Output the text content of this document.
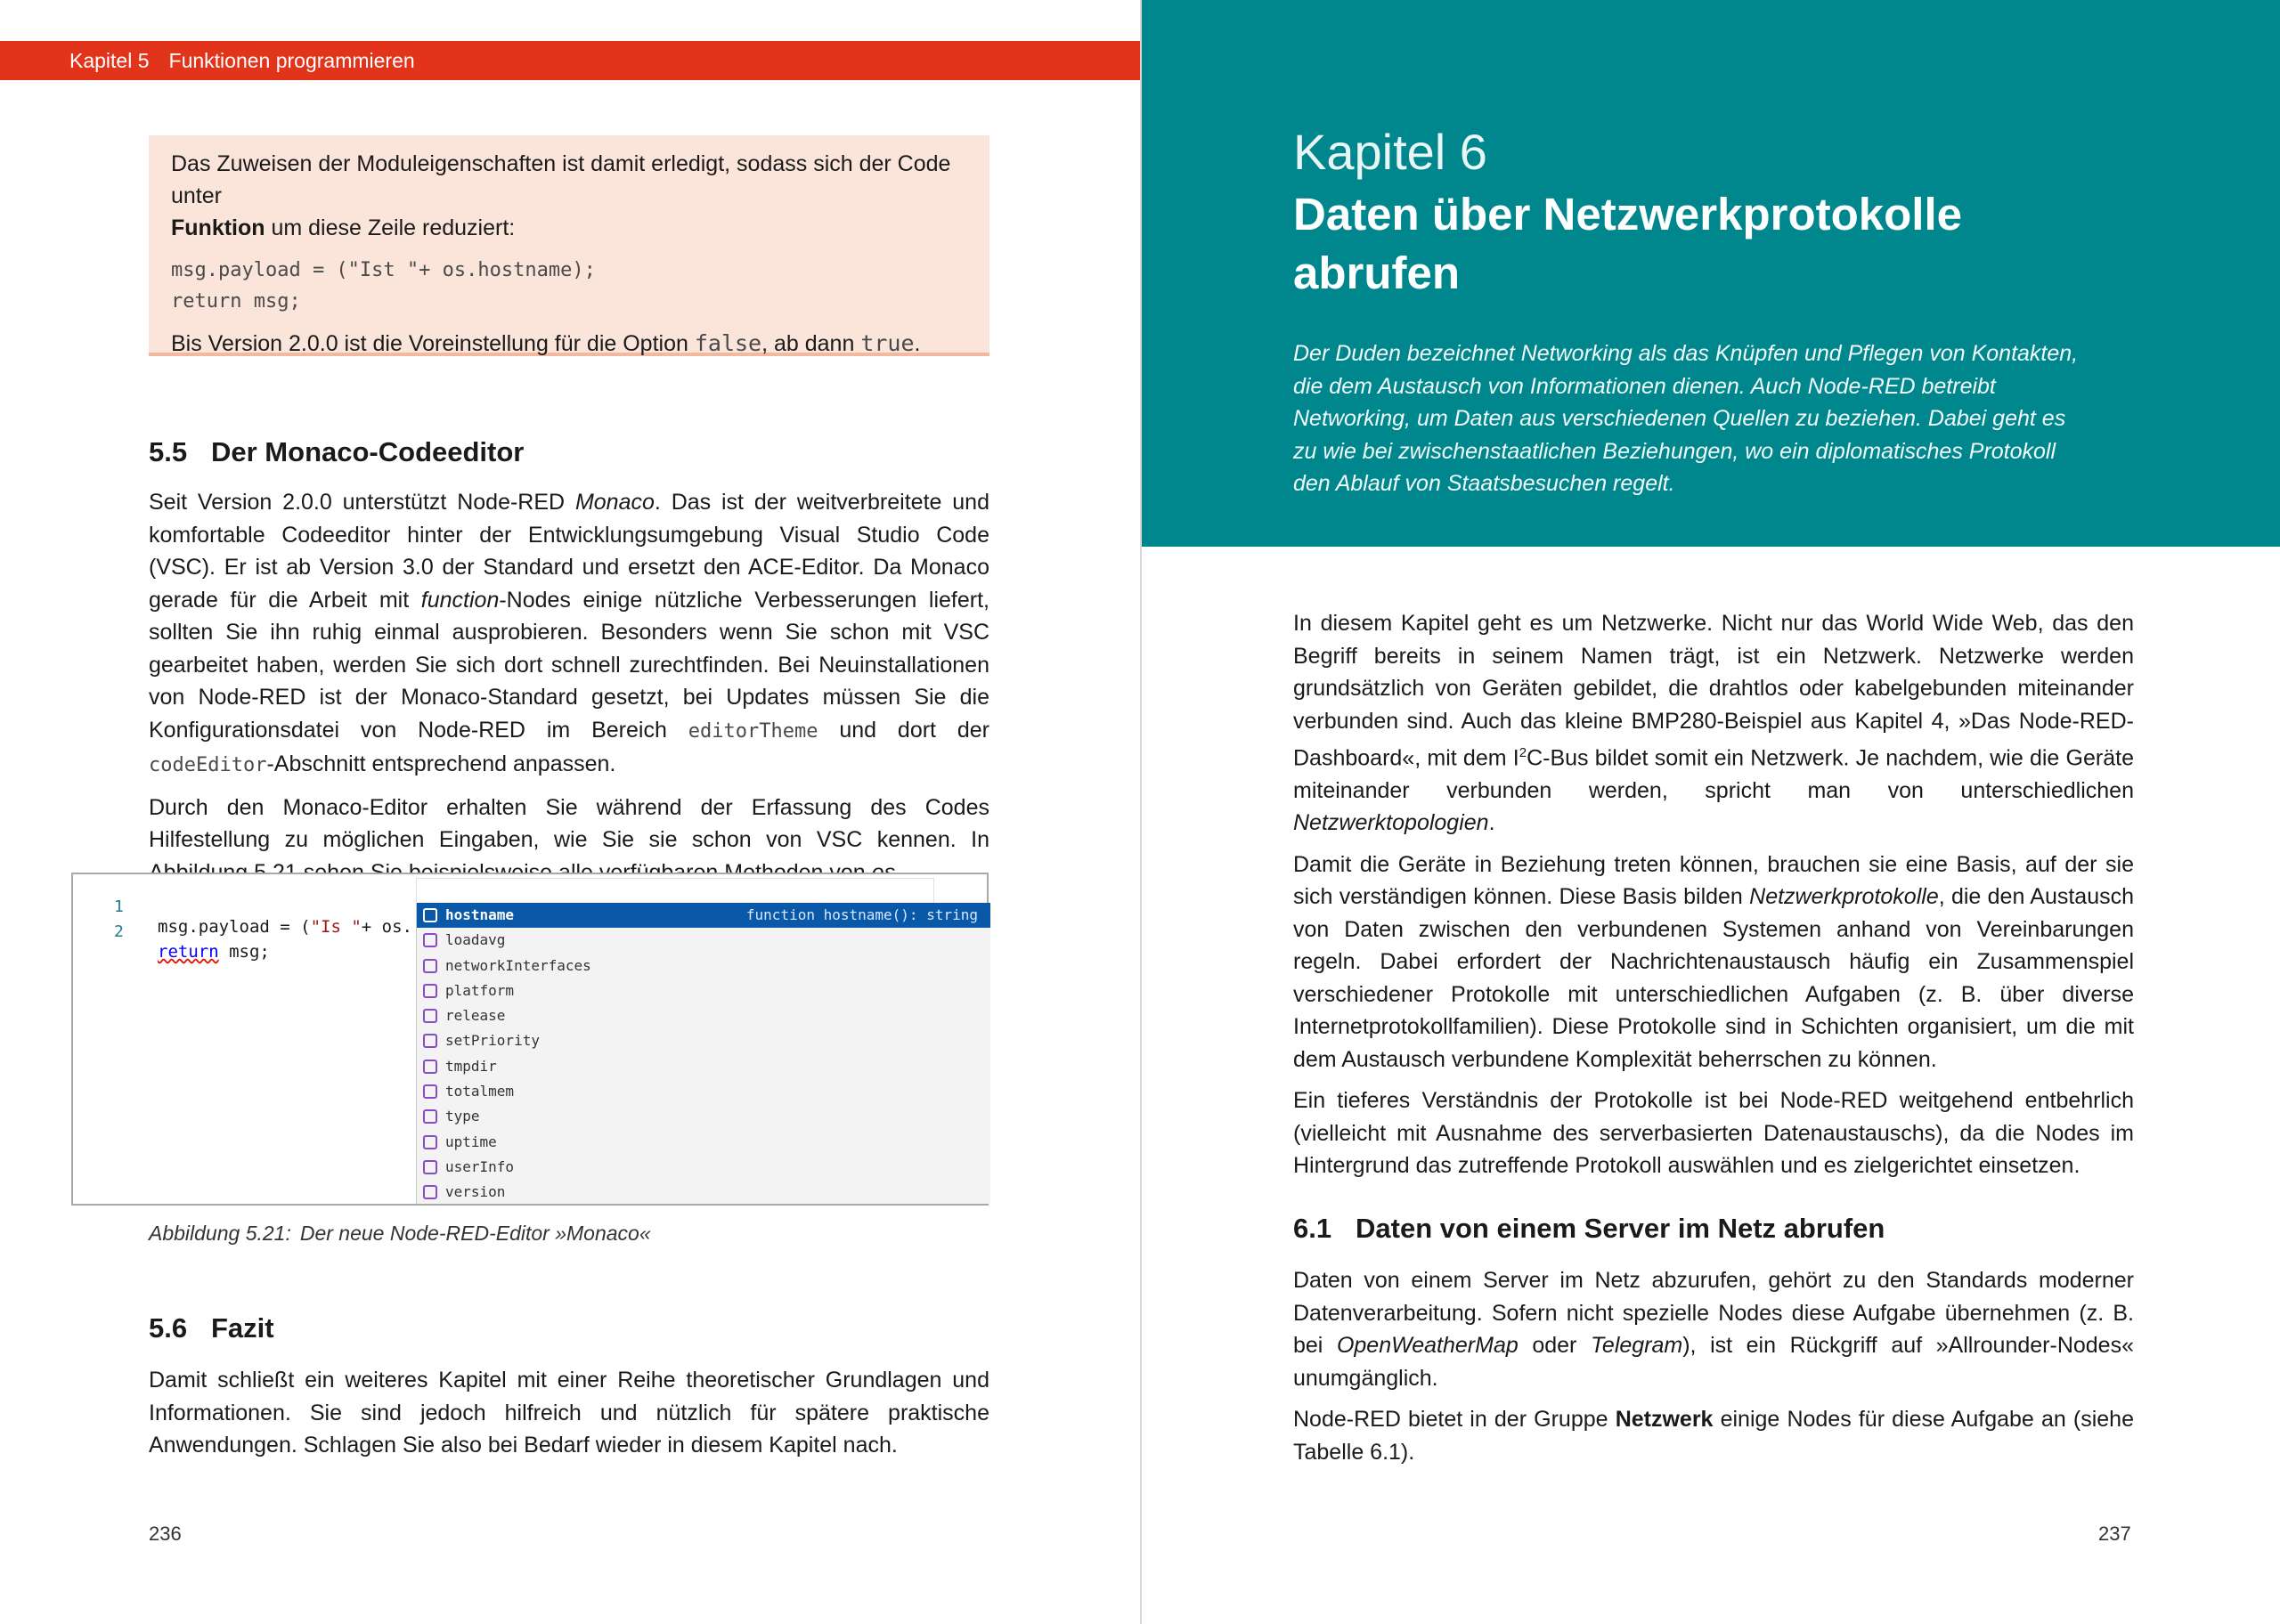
Kapitel 5 Funktionen programmieren

Das Zuweisen der Moduleigenschaften ist damit erledigt, sodass sich der Code unter
Funktion um diese Zeile reduziert:

msg.payload = ("Ist "+ os.hostname);
return msg;

Bis Version 2.0.0 ist die Voreinstellung für die Option false, ab dann true.

5.5 Der Monaco-Codeeditor

Seit Version 2.0.0 unterstützt Node-RED Monaco. Das ist der weitverbreitete und komfortable Codeeditor hinter der Entwicklungsumgebung Visual Studio Code (VSC). Er ist ab Version 3.0 der Standard und ersetzt den ACE-Editor. Da Monaco gerade für die Arbeit mit function-Nodes einige nützliche Verbesserungen liefert, sollten Sie ihn ruhig einmal ausprobieren. Besonders wenn Sie schon mit VSC gearbeitet haben, werden Sie sich dort schnell zurechtfinden. Bei Neuinstallationen von Node-RED ist der Monaco-Standard gesetzt, bei Updates müssen Sie die Konfigurationsdatei von Node-RED im Bereich editorTheme und dort der codeEditor-Abschnitt entsprechend anpassen.

Durch den Monaco-Editor erhalten Sie während der Erfassung des Codes Hilfestellung zu möglichen Eingaben, wie Sie sie schon von VSC kennen. In

1

msg.payload = ("Is "+ os.

2

return msg;

hostname	function hostname(): string
loadavg
networkInterfaces
platform
release
setPriority
tmpdir
totalmem
type
uptime
userInfo
version
Abbildung 5.21: Der neue Node-RED-Editor »Monaco«
5.6 Fazit

Damit schließt ein weiteres Kapitel mit einer Reihe theoretischer Grundlagen und Informationen. Sie sind jedoch hilfreich und nützlich für spätere praktische Anwendungen. Schlagen Sie also bei Bedarf wieder in diesem Kapitel nach.

236
Kapitel 6
Daten über Netzwerkprotokolle abrufen
Der Duden bezeichnet Networking als das Knüpfen und Pflegen von Kontakten, die dem Austausch von Informationen dienen. Auch Node-RED betreibt Networking, um Daten aus verschiedenen Quellen zu beziehen. Dabei geht es zu wie bei zwischenstaatlichen Beziehungen, wo ein diplomatisches Protokoll den Ablauf von Staatsbesuchen regelt.

In diesem Kapitel geht es um Netzwerke. Nicht nur das World Wide Web, das den Begriff bereits in seinem Namen trägt, ist ein Netzwerk. Netzwerke werden grundsätzlich von Geräten gebildet, die drahtlos oder kabelgebunden miteinander verbunden sind. Auch das kleine BMP280-Beispiel aus Kapitel 4, »Das Node-RED-Dashboard«, mit dem $I^2C$-Bus bildet somit ein Netzwerk. Je nachdem, wie die Geräte miteinander verbunden werden, spricht man von unterschiedlichen Netzwerktopologien.

Damit die Geräte in Beziehung treten können, brauchen sie eine Basis, auf der sie sich verständigen können. Diese Basis bilden Netzwerkprotokolle, die den Austausch von Daten zwischen den verbundenen Systemen anhand von Vereinbarungen regeln. Dabei erfordert der Nachrichtenaustausch häufig ein Zusammenspiel verschiedener Protokolle mit unterschiedlichen Aufgaben (z. B. über diverse Internetprotokollfamilien). Diese Protokolle sind in Schichten organisiert, um die mit dem Austausch verbundene Komplexität beherrschen zu können.

Ein tieferes Verständnis der Protokolle ist bei Node-RED weitgehend entbehrlich (vielleicht mit Ausnahme des serverbasierten Datenaustauschs), da die Nodes im Hintergrund das zutreffende Protokoll auswählen und es zielgerichtet einsetzen.

6.1 Daten von einem Server im Netz abrufen

Daten von einem Server im Netz abzurufen, gehört zu den Standards moderner Datenverarbeitung. Sofern nicht spezielle Nodes diese Aufgabe übernehmen (z. B. bei OpenWeatherMap oder Telegram), ist ein Rückgriff auf »Allrounder-Nodes« unumgänglich.

Node-RED bietet in der Gruppe Netzwerk einige Nodes für diese Aufgabe an (siehe Tabelle 6.1).

237
